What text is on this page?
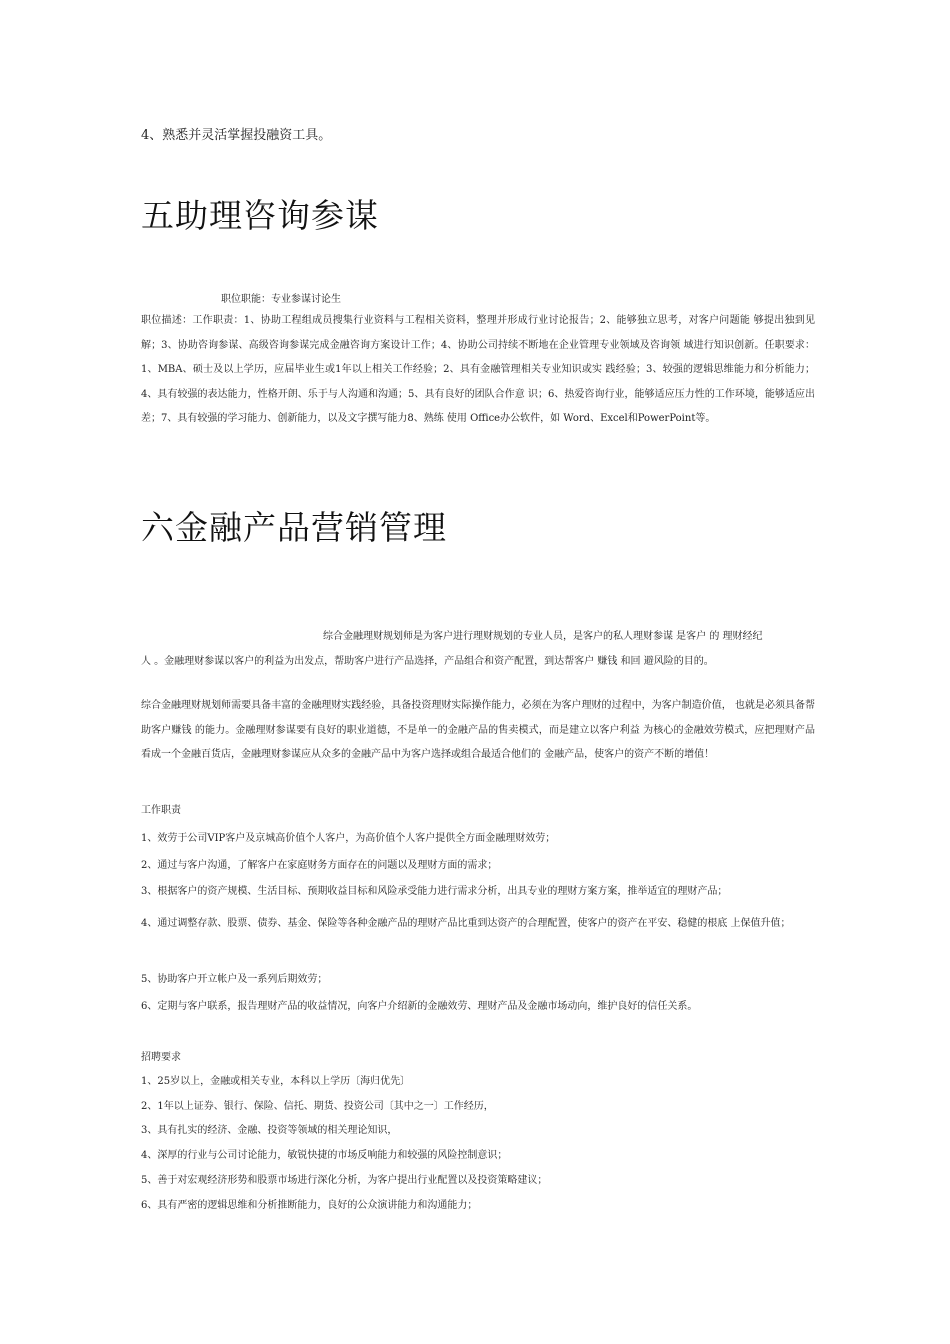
4、熟悉并灵活掌握投融资工具。
五助理咨询参谋
职位职能：专业参谋讨论生
职位描述：工作职责：1、协助工程组成员搜集行业资料与工程相关资料，整理并形成行业讨论报告；2、能够独立思考，对客户问题能 够提出独到见解；3、协助咨询参谋、高级咨询参谋完成金融咨询方案设计工作；4、协助公司持续不断地在企业管理专业领域及咨询领 域进行知识创新。任职要求：1、MBA、硕士及以上学历，应届毕业生或1年以上相关工作经验；2、具有金融管理相关专业知识或实 践经验；3、较强的逻辑思维能力和分析能力；4、具有较强的表达能力，性格开朗、乐于与人沟通和沟通；5、具有良好的团队合作意 识；6、热爱咨询行业，能够适应压力性的工作环境，能够适应出差；7、具有较强的学习能力、创新能力，以及文字撰写能力8、熟练 使用 Office办公软件，如 Word、Excel和PowerPoint等。
六金融产品营销管理
综合金融理财规划师是为客户进行理财规划的专业人员，是客户的私人理财参谋 是客户 的 理财经纪
人 。金融理财参谋以客户的利益为出发点，帮助客户进行产品选择，产品组合和资产配置，到达帮客户 赚钱 和回 避风险的目的。
综合金融理财规划师需要具备丰富的金融理财实践经验，具备投资理财实际操作能力，必须在为客户理财的过程中，为客户制造价值， 也就是必须具备帮助客户赚钱 的能力。金融理财参谋要有良好的职业道德，不是单一的金融产品的售卖模式，而是建立以客户利益 为核心的金融效劳模式，应把理财产品看成一个金融百货店，金融理财参谋应从众多的金融产品中为客户选择或组合最适合他们的 金融产品，使客户的资产不断的增值！
工作职责
1、效劳于公司VIP客户及京城高价值个人客户，为高价值个人客户提供全方面金融理财效劳；
2、通过与客户沟通，了解客户在家庭财务方面存在的问题以及理财方面的需求；
3、根据客户的资产规模、生活目标、预期收益目标和风险承受能力进行需求分析，出具专业的理财方案方案，推举适宜的理财产品；
4、通过调整存款、股票、债券、基金、保险等各种金融产品的理财产品比重到达资产的合理配置，使客户的资产在平安、稳健的根底 上保值升值；
5、协助客户开立帐户及一系列后期效劳；
6、定期与客户联系，报告理财产品的收益情况，向客户介绍新的金融效劳、理财产品及金融市场动向，维护良好的信任关系。
招聘要求
1、25岁以上，金融或相关专业，本科以上学历〔海归优先〕
2、1年以上证券、银行、保险、信托、期货、投资公司〔其中之一〕工作经历，
3、具有扎实的经济、金融、投资等领域的相关理论知识，
4、深厚的行业与公司讨论能力，敏锐快捷的市场反响能力和较强的风险控制意识；
5、善于对宏观经济形势和股票市场进行深化分析，为客户提出行业配置以及投资策略建议；
6、具有严密的逻辑思维和分析推断能力，良好的公众演讲能力和沟通能力；
